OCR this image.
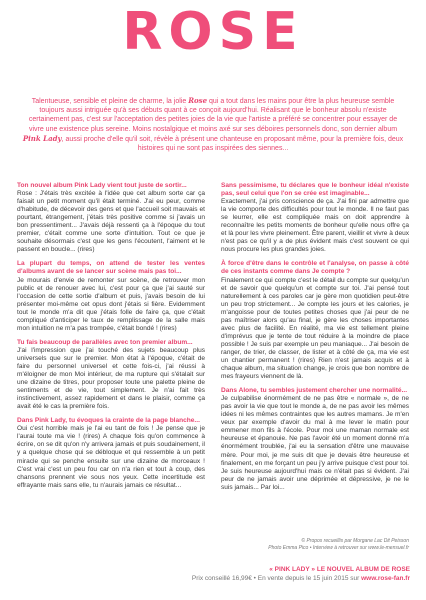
ROSE
Talentueuse, sensible et pleine de charme, la jolie Rose qui a tout dans les mains pour être la plus heureuse semble toujours aussi intriguée qu'à ses débuts quant à ce conçoit aujourd'hui. Réalisant que le bonheur absolu n'existe certainement pas, c'est sur l'acceptation des petites joies de la vie que l'artiste a préféré se concentrer pour essayer de vivre une existence plus sereine. Moins nostalgique et moins axé sur ses déboires personnels donc, son dernier album Pink Lady, aussi proche d'elle qu'il soit, révèle à présent une chanteuse en proposant même, pour la première fois, deux histoires qui ne sont pas inspirées des siennes...

Ton nouvel album Pink Lady vient tout juste de sortir...

Rose : J'étais très excitée à l'idée que cet album sorte car ça faisait un petit moment qu'il était terminé. J'ai eu peur, comme d'habitude, de décevoir des gens et que l'accueil soit mauvais et pourtant, étrangement, j'étais très positive comme si j'avais un bon pressentiment... J'avais déjà ressenti ça à l'époque du tout premier, c'était comme une sorte d'intuition. Tout ce que je souhaite désormais c'est que les gens l'écoutent, l'aiment et le passent en boucle... (rires)

La plupart du temps, on attend de tester les ventes d'albums avant de se lancer sur scène mais pas toi...

Je mourais d'envie de remonter sur scène, de retrouver mon public et de renouer avec lui, c'est pour ça que j'ai sauté sur l'occasion de cette sortie d'album et puis, j'avais besoin de lui présenter moi-même cet opus dont j'étais si fière. Evidemment tout le monde m'a dit que j'étais folle de faire ça, que c'était compliqué d'anticiper le taux de remplissage de la salle mais mon intuition ne m'a pas trompée, c'était bondé ! (rires)

Tu fais beaucoup de parallèles avec ton premier album...

J'ai l'impression que j'ai touché des sujets beaucoup plus universels que sur le premier. Mon état à l'époque, c'était de faire du personnel universel et cette fois-ci, j'ai réussi à m'éloigner de mon Moi intérieur, de ma rupture qui s'étalait sur une dizaine de titres, pour proposer toute une palette pleine de sentiments et de vie, tout simplement. Je n'ai fait très instinctivement, assez rapidement et dans le plaisir, comme ça avait été le cas la première fois.

Dans Pink Lady, tu évoques la crainte de la page blanche...

Oui c'est horrible mais je l'ai eu tant de fois ! Je pense que je l'aurai toute ma vie ! (rires) A chaque fois qu'on commence à écrire, on se dit qu'on n'y arrivera jamais et puis soudainement, il y a quelque chose qui se débloque et qui ressemble à un petit miracle qui se penche ensuite sur une dizaine de morceaux ! C'est vrai c'est un peu fou car on n'a rien et tout à coup, des chansons prennent vie sous nos yeux. Cette incertitude est effrayante mais sans elle, tu n'aurais jamais ce résultat...

Sans pessimisme, tu déclares que le bonheur idéal n'existe pas, seul celui que l'on se crée est imaginable...

Exactement, j'ai pris conscience de ça. J'ai fini par admettre que la vie comporte des difficultés pour tout le monde. Il ne faut pas se leurrer, elle est compliquée mais on doit apprendre à reconnaître les petits moments de bonheur qu'elle nous offre ça et là pour les vivre pleinement. Être parent, vieillir et vivre à deux n'est pas ce qu'il y a de plus évident mais c'est souvent ce qui nous procure les plus grandes joies.

À force d'être dans le contrôle et l'analyse, on passe à côté de ces instants comme dans Je compte ?

Finalement ce qui compte c'est le détail du compte sur quelqu'un et de savoir que quelqu'un et compte sur toi. J'ai pensé tout naturellement à ces paroles car je gère mon quotidien peut-être un peu trop strictement... Je compte les jours et les calories, je m'angoisse pour de toutes petites choses que j'ai peur de ne pas maîtriser alors qu'au final, je gère les choses importantes avec plus de facilité. En réalité, ma vie est tellement pleine d'imprévus que je tente de tout réduire à la moindre de place possible ! Je suis par exemple un peu maniaque... J'ai besoin de ranger, de trier, de classer, de lister et à côté de ça, ma vie est un chantier permanent ! (rires) Rien n'est jamais acquis et à chaque album, ma situation change, je crois que bon nombre de mes frayeurs viennent de là.

Dans Alone, tu sembles justement chercher une normalité...

Je culpabilise énormément de ne pas être « normale », de ne pas avoir la vie que tout le monde a, de ne pas avoir les mêmes idées ni les mêmes contraintes que les autres mamans. Je m'en veux par exemple d'avoir du mal à me lever le matin pour emmener mon fils à l'école. Pour moi une maman normale est heureuse et épanouie. Ne pas l'avoir été un moment donné m'a énormément troublée, j'ai eu la sensation d'être une mauvaise mère. Pour moi, je me suis dit que je devais être heureuse et finalement, en me forçant un peu j'y arrive puisque c'est pour toi. Je suis heureuse aujourd'hui mais ce n'était pas si évident. J'ai peur de ne jamais avoir une déprimée et dépressive, je ne le suis jamais... Par loi...

© Propos recueillis par Morgane Lac Dit Peisson
Photo Emma Pico • Interview à retrouver sur www.le-mensuel.fr
« PINK LADY » LE NOUVEL ALBUM DE ROSE
Prix conseillé 16,99€ • En vente depuis le 15 juin 2015 sur www.rose-fan.fr
